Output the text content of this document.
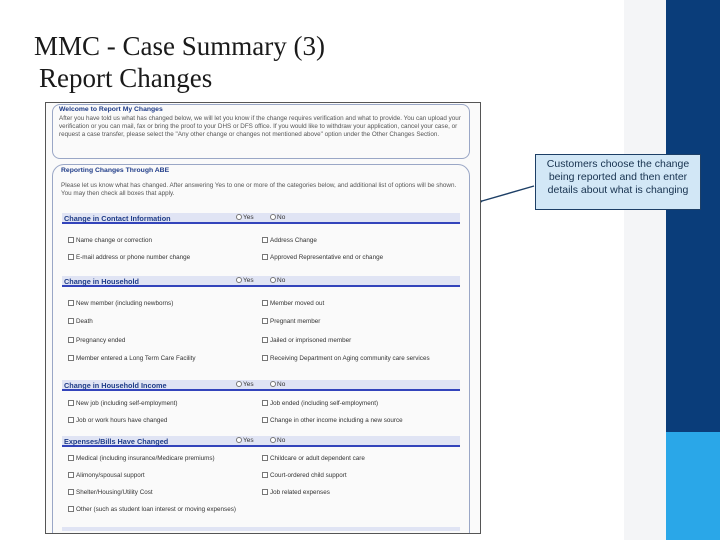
MMC - Case Summary (3)
Report Changes
Customers choose the change being reported and then enter details about what is changing
Welcome to Report My Changes
After you have told us what has changed below, we will let you know if the change requires verification and what to provide. You can upload your verification or you can mail, fax or bring the proof to your DHS or DFS office. If you would like to withdraw your application, cancel your case, or request a case transfer, please select the "Any other change or changes not mentioned above" option under the Other Changes Section.
Reporting Changes Through ABE
Please let us know what has changed. After answering Yes to one or more of the categories below, and additional list of options will be shown. You may then check all boxes that apply.
Change in Contact Information	Yes	No
Name change or correction	Address Change
E-mail address or phone number change	Approved Representative end or change
Change in Household	Yes	No
New member (including newborns)	Member moved out
Death	Pregnant member
Pregnancy ended	Jailed or imprisoned member
Member entered a Long Term Care Facility	Receiving Department on Aging community care services
Change in Household Income	Yes	No
New job (including self-employment)	Job ended (including self-employment)
Job or work hours have changed	Change in other income including a new source
Expenses/Bills Have Changed	Yes	No
Medical (including insurance/Medicare premiums)	Childcare or adult dependent care
Alimony/spousal support	Court-ordered child support
Shelter/Housing/Utility Cost	Job related expenses
Other (such as student loan interest or moving expenses)
